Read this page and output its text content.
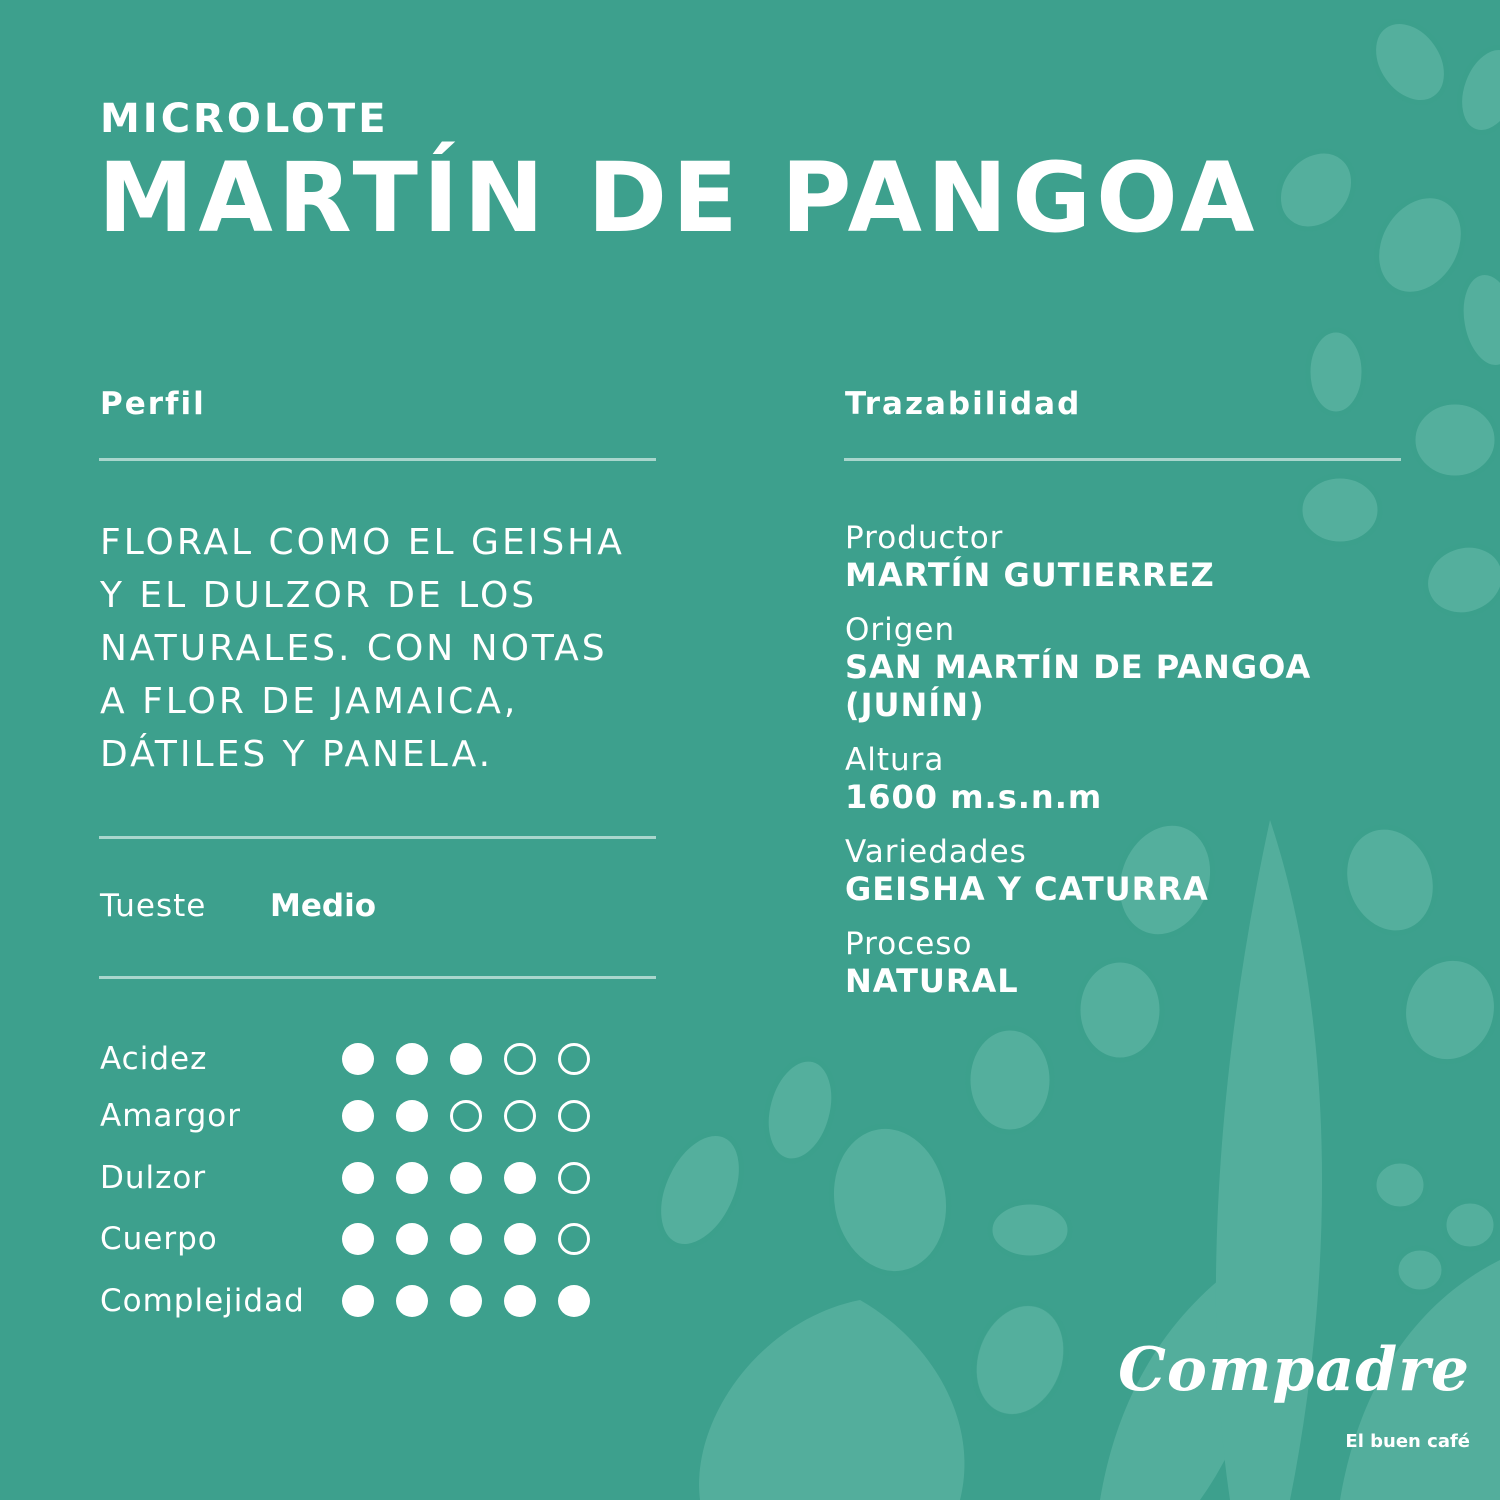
MICROLOTE
MARTÍN DE PANGOA
Perfil	Trazabilidad
FLORAL COMO EL GEISHA
Y EL DULZOR DE LOS
NATURALES. CON NOTAS
A FLOR DE JAMAICA,
DÁTILES Y PANELA.
Tueste Medio
Acidez
Amargor
Dulzor
Cuerpo
Complejidad
Productor
MARTÍN GUTIERREZ
Origen
SAN MARTÍN DE PANGOA
(JUNÍN)
Altura
1600 m.s.n.m
Variedades
GEISHA Y CATURRA
Proceso
NATURAL
Compadre
El buen café
